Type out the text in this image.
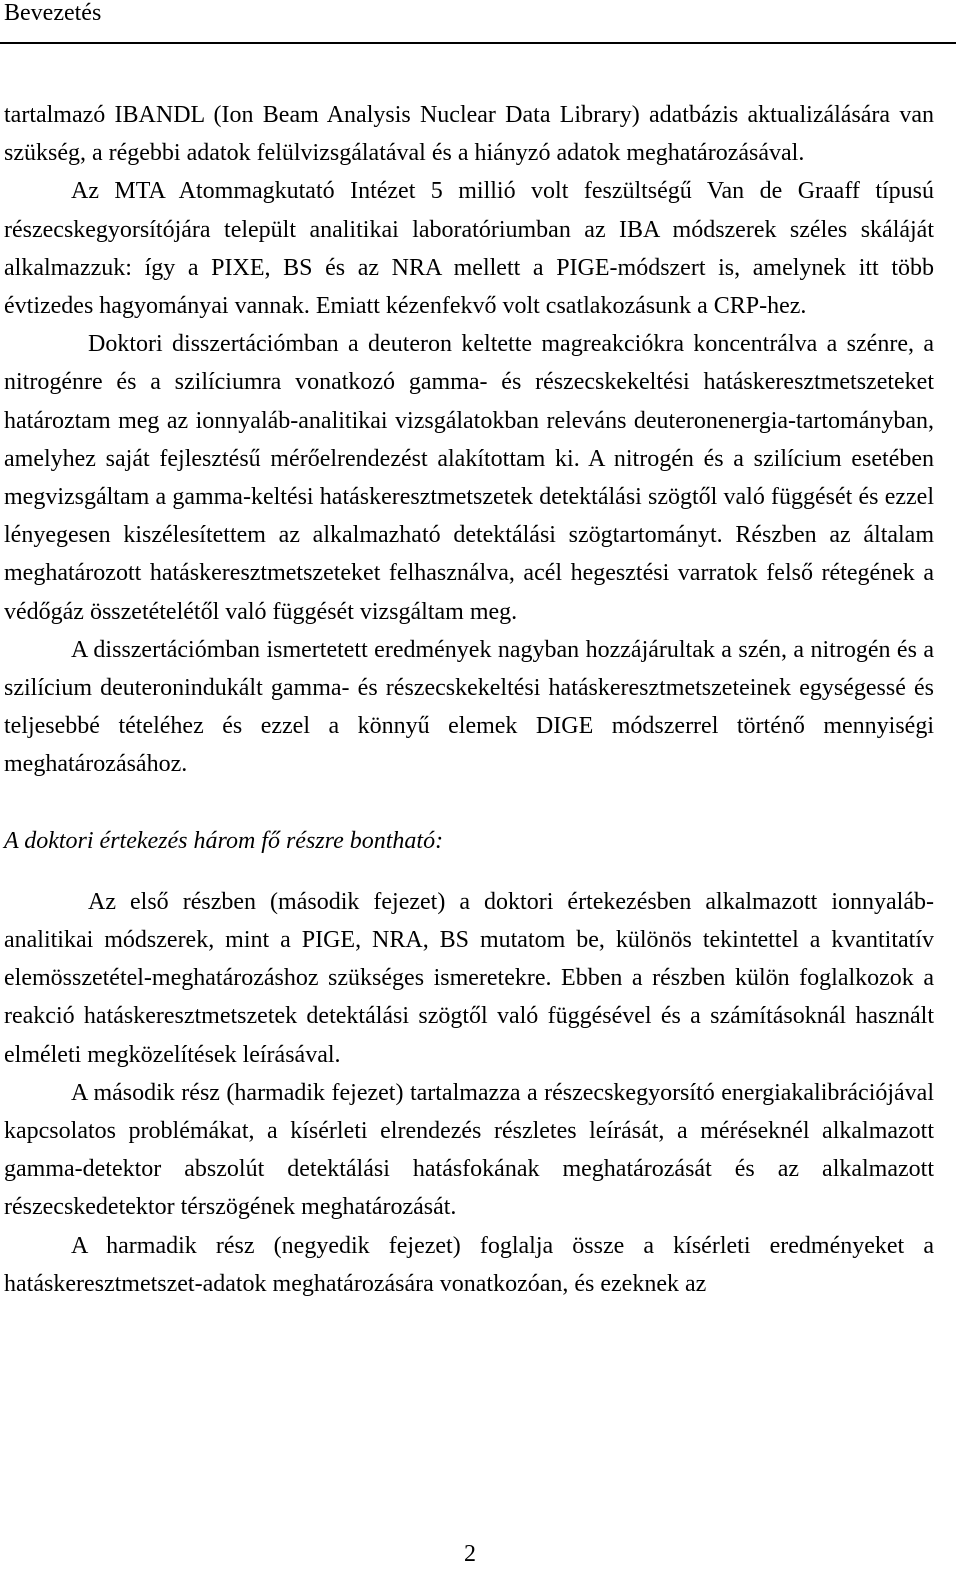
Bevezetés

tartalmazó IBANDL (Ion Beam Analysis Nuclear Data Library) adatbázis aktualizálására van szükség, a régebbi adatok felülvizsgálatával és a hiányzó adatok meghatározásával.

Az MTA Atommagkutató Intézet 5 millió volt feszültségű Van de Graaff típusú részecskegyorsítójára települt analitikai laboratóriumban az IBA módszerek széles skáláját alkalmazzuk: így a PIXE, BS és az NRA mellett a PIGE-módszert is, amelynek itt több évtizedes hagyományai vannak. Emiatt kézenfekvő volt csatlakozásunk a CRP-hez.

Doktori disszertációmban a deuteron keltette magreakciókra koncentrálva a szénre, a nitrogénre és a szilíciumra vonatkozó gamma- és részecskekeltési hatáskeresztmetszeteket határoztam meg az ionnyaláb-analitikai vizsgálatokban releváns deuteronenergia-tartományban, amelyhez saját fejlesztésű mérőelrendezést alakítottam ki. A nitrogén és a szilícium esetében megvizsgáltam a gamma-keltési hatáskeresztmetszetek detektálási szögtől való függését és ezzel lényegesen kiszélesítettem az alkalmazható detektálási szögtartományt. Részben az általam meghatározott hatáskeresztmetszeteket felhasználva, acél hegesztési varratok felső rétegének a védőgáz összetételétől való függését vizsgáltam meg.

A disszertációmban ismertetett eredmények nagyban hozzájárultak a szén, a nitrogén és a szilícium deuteronindukált gamma- és részecskekeltési hatáskeresztmetszeteinek egységessé és teljesebbé tételéhez és ezzel a könnyű elemek DIGE módszerrel történő mennyiségi meghatározásához.

A doktori értekezés három fő részre bontható:

Az első részben (második fejezet) a doktori értekezésben alkalmazott ionnyaláb-analitikai módszerek, mint a PIGE, NRA, BS mutatom be, különös tekintettel a kvantitatív elemösszetétel-meghatározáshoz szükséges ismeretekre. Ebben a részben külön foglalkozok a reakció hatáskeresztmetszetek detektálási szögtől való függésével és a számításoknál használt elméleti megközelítések leírásával.

A második rész (harmadik fejezet) tartalmazza a részecskegyorsító energiakalibrációjával kapcsolatos problémákat, a kísérleti elrendezés részletes leírását, a méréseknél alkalmazott gamma-detektor abszolút detektálási hatásfokának meghatározását és az alkalmazott részecskedetektor térszögének meghatározását.

A harmadik rész (negyedik fejezet) foglalja össze a kísérleti eredményeket a hatáskeresztmetszet-adatok meghatározására vonatkozóan, és ezeknek az

2
